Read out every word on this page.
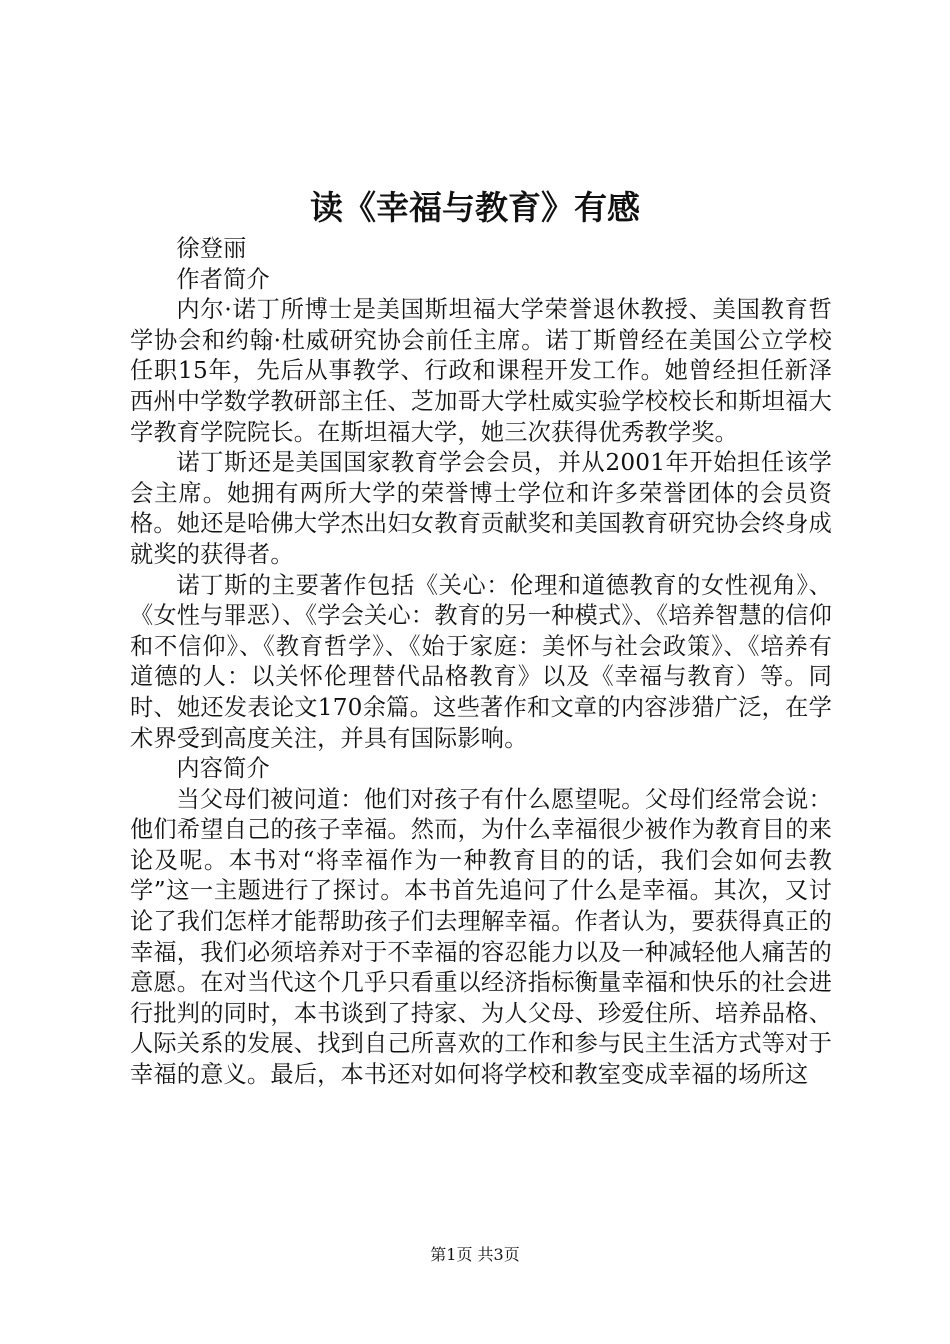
读《幸福与教育》有感

徐登丽

作者简介

内尔·诺丁所博士是美国斯坦福大学荣誉退休教授、美国教育哲学协会和约翰·杜威研究协会前任主席。诺丁斯曾经在美国公立学校任职15年，先后从事教学、行政和课程开发工作。她曾经担任新泽西州中学数学教研部主任、芝加哥大学杜威实验学校校长和斯坦福大学教育学院院长。在斯坦福大学，她三次获得优秀教学奖。

诺丁斯还是美国国家教育学会会员，并从2001年开始担任该学会主席。她拥有两所大学的荣誉博士学位和许多荣誉团体的会员资格。她还是哈佛大学杰出妇女教育贡献奖和美国教育研究协会终身成就奖的获得者。

诺丁斯的主要著作包括《关心：伦理和道德教育的女性视角》、《女性与罪恶）、《学会关心：教育的另一种模式》、《培养智慧的信仰和不信仰》、《教育哲学》、《始于家庭：美怀与社会政策》、《培养有道德的人：以关怀伦理替代品格教育》以及《幸福与教育）等。同时、她还发表论文170余篇。这些著作和文章的内容涉猎广泛，在学术界受到高度关注，并具有国际影响。

内容简介

当父母们被问道：他们对孩子有什么愿望呢。父母们经常会说：他们希望自己的孩子幸福。然而，为什么幸福很少被作为教育目的来论及呢。本书对“将幸福作为一种教育目的的话，我们会如何去教学”这一主题进行了探讨。本书首先追问了什么是幸福。其次，又讨论了我们怎样才能帮助孩子们去理解幸福。作者认为，要获得真正的幸福，我们必须培养对于不幸福的容忍能力以及一种减轻他人痛苦的意愿。在对当代这个几乎只看重以经济指标衡量幸福和快乐的社会进行批判的同时，本书谈到了持家、为人父母、珍爱住所、培养品格、人际关系的发展、找到自己所喜欢的工作和参与民主生活方式等对于幸福的意义。最后，本书还对如何将学校和教室变成幸福的场所这

第1页 共3页
